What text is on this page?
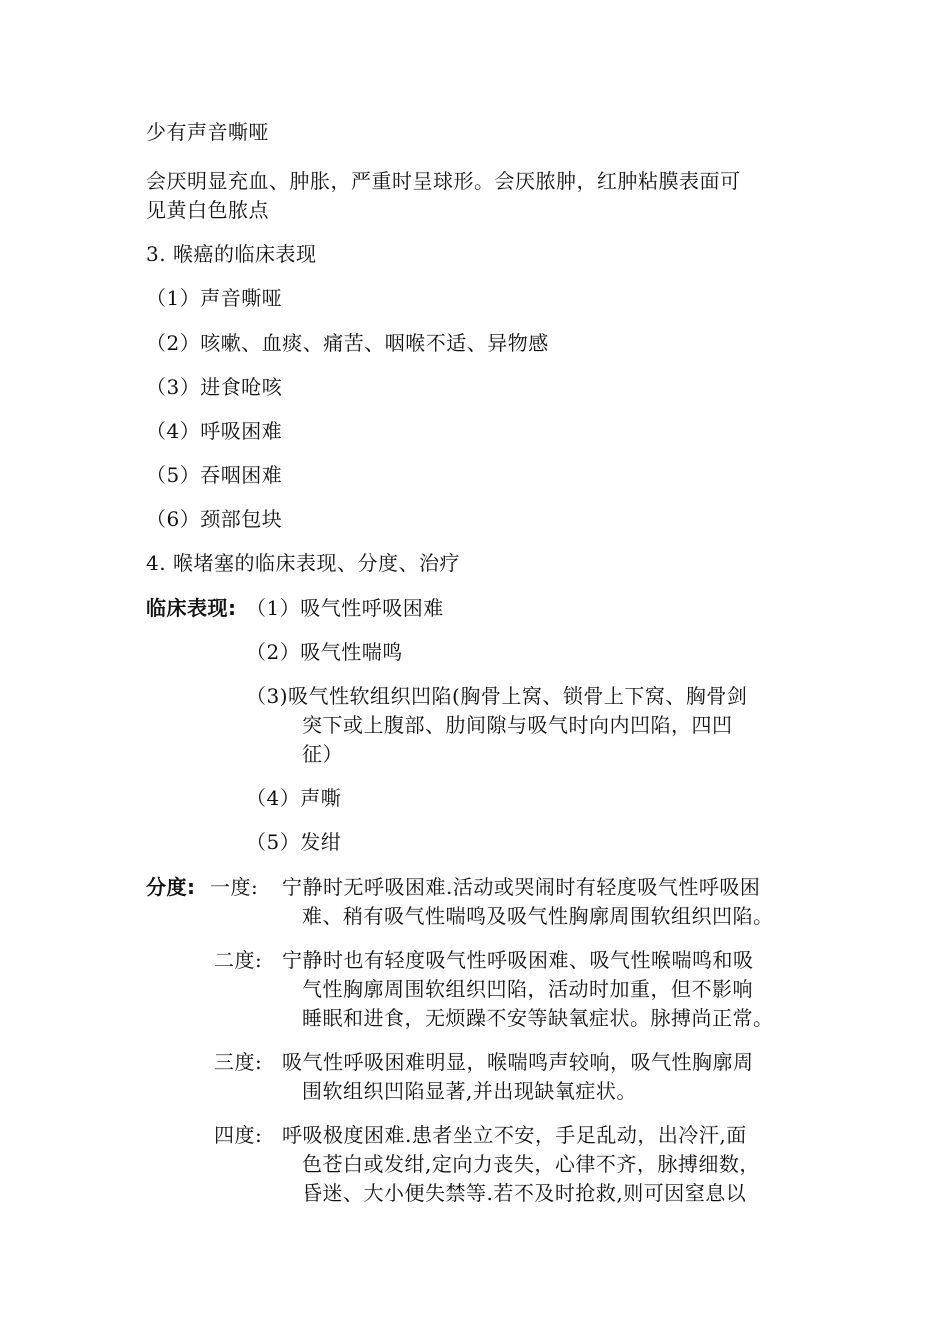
少有声音嘶哑
会厌明显充血、肿胀，严重时呈球形。会厌脓肿，红肿粘膜表面可
见黄白色脓点
3. 喉癌的临床表现
（1）声音嘶哑
（2）咳嗽、血痰、痛苦、咽喉不适、异物感
（3）进食呛咳
（4）呼吸困难
（5）吞咽困难
（6）颈部包块
4. 喉堵塞的临床表现、分度、治疗
临床表现: （1）吸气性呼吸困难
（2）吸气性喘鸣
（3)吸气性软组织凹陷(胸骨上窝、锁骨上下窝、胸骨剑
突下或上腹部、肋间隙与吸气时向内凹陷，四凹
征）
（4）声嘶
（5）发绀
分度: 一度: 宁静时无呼吸困难.活动或哭闹时有轻度吸气性呼吸困
难、稍有吸气性喘鸣及吸气性胸廓周围软组织凹陷。
二度: 宁静时也有轻度吸气性呼吸困难、吸气性喉喘鸣和吸
气性胸廓周围软组织凹陷，活动时加重，但不影响
睡眠和进食，无烦躁不安等缺氧症状。脉搏尚正常。
三度: 吸气性呼吸困难明显，喉喘鸣声较响，吸气性胸廓周
围软组织凹陷显著,并出现缺氧症状。
四度: 呼吸极度困难.患者坐立不安，手足乱动，出冷汗,面
色苍白或发绀,定向力丧失，心律不齐，脉搏细数，
昏迷、大小便失禁等.若不及时抢救,则可因窒息以
